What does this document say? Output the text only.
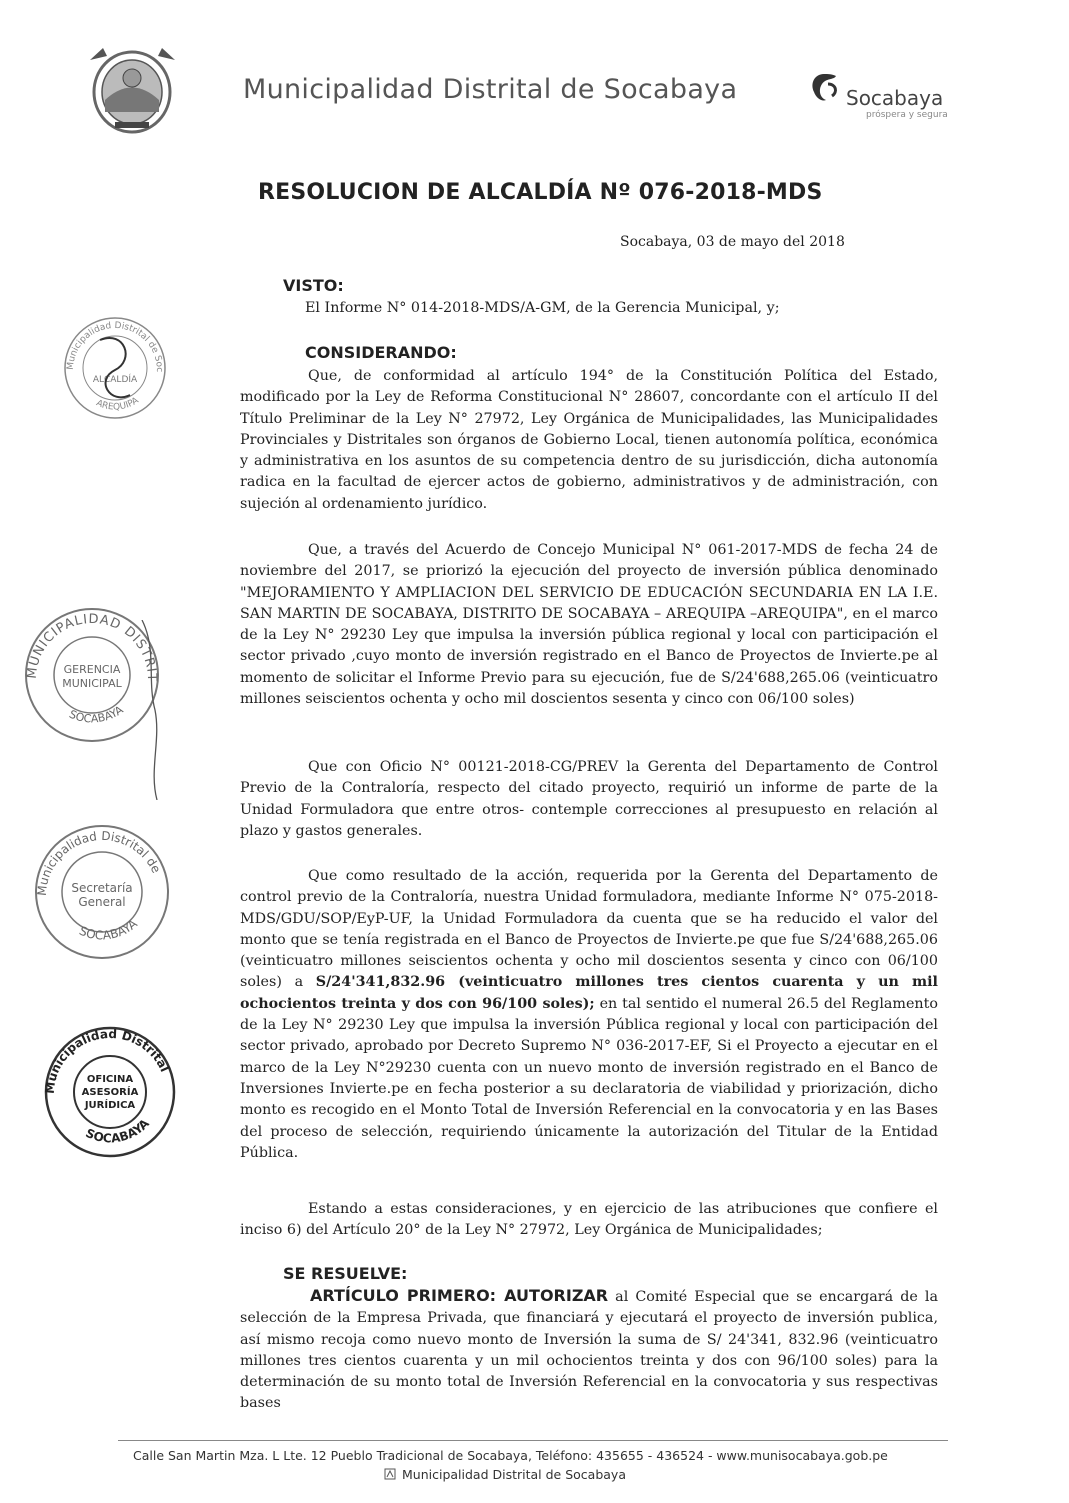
Municipalidad Distrital de Socabaya	Socabaya
próspera y segura
RESOLUCION DE ALCALDÍA Nº 076-2018-MDS
Socabaya, 03 de mayo del 2018
VISTO:
El Informe N° 014-2018-MDS/A-GM, de la Gerencia Municipal, y;
CONSIDERANDO:
Que, de conformidad al artículo 194° de la Constitución Política del Estado, modificado por la Ley de Reforma Constitucional N° 28607, concordante con el artículo II del Título Preliminar de la Ley N° 27972, Ley Orgánica de Municipalidades, las Municipalidades Provinciales y Distritales son órganos de Gobierno Local, tienen autonomía política, económica y administrativa en los asuntos de su competencia dentro de su jurisdicción, dicha autonomía radica en la facultad de ejercer actos de gobierno, administrativos y de administración, con sujeción al ordenamiento jurídico.
Que, a través del Acuerdo de Concejo Municipal N° 061-2017-MDS de fecha 24 de noviembre del 2017, se priorizó la ejecución del proyecto de inversión pública denominado "MEJORAMIENTO Y AMPLIACION DEL SERVICIO DE EDUCACIÓN SECUNDARIA EN LA I.E. SAN MARTIN DE SOCABAYA, DISTRITO DE SOCABAYA – AREQUIPA –AREQUIPA", en el marco de la Ley N° 29230 Ley que impulsa la inversión pública regional y local con participación el sector privado ,cuyo monto de inversión registrado en el Banco de Proyectos de Invierte.pe al momento de solicitar el Informe Previo para su ejecución, fue de S/24'688,265.06 (veinticuatro millones seiscientos ochenta y ocho mil doscientos sesenta y cinco con 06/100 soles)
Que con Oficio N° 00121-2018-CG/PREV la Gerenta del Departamento de Control Previo de la Contraloría, respecto del citado proyecto, requirió un informe de parte de la Unidad Formuladora que entre otros- contemple correcciones al presupuesto en relación al plazo y gastos generales.
Que como resultado de la acción, requerida por la Gerenta del Departamento de control previo de la Contraloría, nuestra Unidad formuladora, mediante Informe N° 075-2018-MDS/GDU/SOP/EyP-UF, la Unidad Formuladora da cuenta que se ha reducido el valor del monto que se tenía registrada en el Banco de Proyectos de Invierte.pe que fue S/24'688,265.06 (veinticuatro millones seiscientos ochenta y ocho mil doscientos sesenta y cinco con 06/100 soles) a S/24'341,832.96 (veinticuatro millones tres cientos cuarenta y un mil ochocientos treinta y dos con 96/100 soles); en tal sentido el numeral 26.5 del Reglamento de la Ley N° 29230 Ley que impulsa la inversión Pública regional y local con participación del sector privado, aprobado por Decreto Supremo N° 036-2017-EF, Si el Proyecto a ejecutar en el marco de la Ley N°29230 cuenta con un nuevo monto de inversión registrado en el Banco de Inversiones Invierte.pe en fecha posterior a su declaratoria de viabilidad y priorización, dicho monto es recogido en el Monto Total de Inversión Referencial en la convocatoria y en las Bases del proceso de selección, requiriendo únicamente la autorización del Titular de la Entidad Pública.
Estando a estas consideraciones, y en ejercicio de las atribuciones que confiere el inciso 6) del Artículo 20° de la Ley N° 27972, Ley Orgánica de Municipalidades;
SE RESUELVE:
ARTÍCULO PRIMERO: AUTORIZAR al Comité Especial que se encargará de la selección de la Empresa Privada, que financiará y ejecutará el proyecto de inversión publica, así mismo recoja como nuevo monto de Inversión la suma de S/ 24'341, 832.96 (veinticuatro millones tres cientos cuarenta y un mil ochocientos treinta y dos con 96/100 soles) para la determinación de su monto total de Inversión Referencial en la convocatoria y sus respectivas bases
Municipalidad Distrital de Soc
AREQUIPA
ALCALDÍA
MUNICIPALIDAD DISTRIT
SOCABAYA
GERENCIA
MUNICIPAL
Municipalidad Distrital de
SOCABAYA
Secretaría
General
Municipalidad Distrital
SOCABAYA
OFICINA
ASESORÍA
JURÍDICA
Calle San Martin Mza. L Lte. 12 Pueblo Tradicional de Socabaya, Teléfono: 435655 - 436524 - www.munisocabaya.gob.pe
Municipalidad Distrital de Socabaya
